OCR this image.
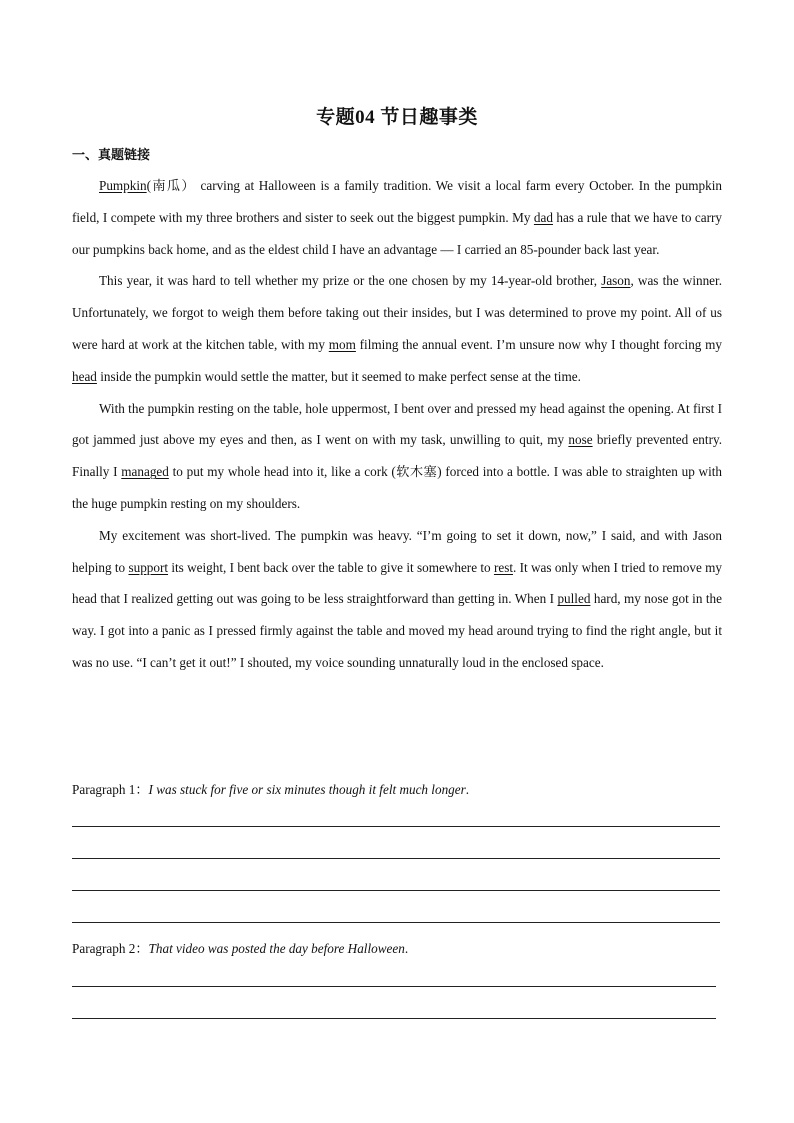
专题04 节日趣事类
一、真题链接

Pumpkin(南瓜） carving at Halloween is a family tradition. We visit a local farm every October. In the pumpkin field, I compete with my three brothers and sister to seek out the biggest pumpkin. My dad has a rule that we have to carry our pumpkins back home, and as the eldest child I have an advantage — I carried an 85-pounder back last year.

This year, it was hard to tell whether my prize or the one chosen by my 14-year-old brother, Jason, was the winner. Unfortunately, we forgot to weigh them before taking out their insides, but I was determined to prove my point. All of us were hard at work at the kitchen table, with my mom filming the annual event. I’m unsure now why I thought forcing my head inside the pumpkin would settle the matter, but it seemed to make perfect sense at the time.

With the pumpkin resting on the table, hole uppermost, I bent over and pressed my head against the opening. At first I got jammed just above my eyes and then, as I went on with my task, unwilling to quit, my nose briefly prevented entry. Finally I managed to put my whole head into it, like a cork (软木塞) forced into a bottle. I was able to straighten up with the huge pumpkin resting on my shoulders.

My excitement was short-lived. The pumpkin was heavy. “I’m going to set it down, now,” I said, and with Jason helping to support its weight, I bent back over the table to give it somewhere to rest. It was only when I tried to remove my head that I realized getting out was going to be less straightforward than getting in. When I pulled hard, my nose got in the way. I got into a panic as I pressed firmly against the table and moved my head around trying to find the right angle, but it was no use. “I can’t get it out!” I shouted, my voice sounding unnaturally loud in the enclosed space.

Paragraph 1：I was stuck for five or six minutes though it felt much longer.
Paragraph 2：That video was posted the day before Halloween.
